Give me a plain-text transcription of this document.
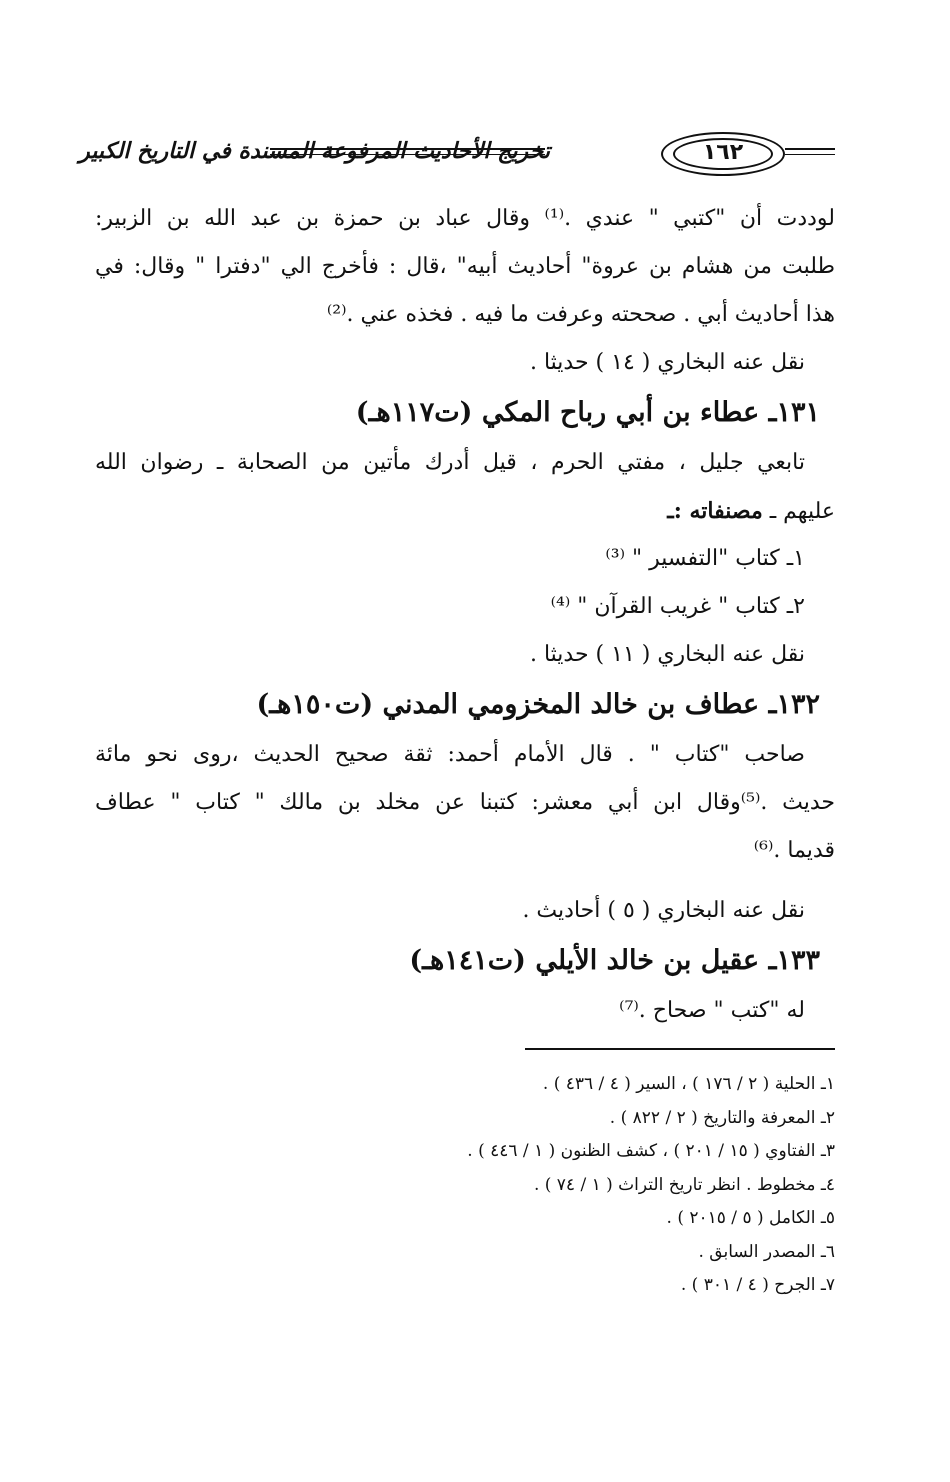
١٦٢
تخريج الأحاديث المرفوعة المسندة في التاريخ الكبير
لوددت أن "كتبي " عندي .⁽¹⁾ وقال عباد بن حمزة بن عبد الله بن الزبير:
طلبت من هشام بن عروة" أحاديث أبيه" ،قال : فأخرج الي "دفترا " وقال: في
هذا أحاديث أبي . صححته وعرفت ما فيه . فخذه عني .⁽²⁾
نقل عنه البخاري ( ١٤ ) حديثا .
١٣١ـ عطاء بن أبي رباح المكي (ت١١٧هـ)
تابعي جليل ، مفتي الحرم ، قيل أدرك مأتين من الصحابة ـ رضوان الله
عليهم ـ مصنفاته :ـ
١ـ كتاب "التفسير " ⁽³⁾
٢ـ كتاب " غريب القرآن " ⁽⁴⁾
نقل عنه البخاري ( ١١ ) حديثا .
١٣٢ـ عطاف بن خالد المخزومي المدني (ت١٥٠هـ)
صاحب "كتاب " . قال الأمام أحمد: ثقة صحيح الحديث ،روى نحو مائة
حديث .⁽⁵⁾وقال ابن أبي معشر: كتبنا عن مخلد بن مالك " كتاب " عطاف
قديما .⁽⁶⁾
نقل عنه البخاري ( ٥ ) أحاديث .
١٣٣ـ عقيل بن خالد الأيلي (ت١٤١هـ)
له "كتب " صحاح .⁽⁷⁾
١ـ الحلية ( ٢ / ١٧٦ ) ، السير ( ٤ / ٤٣٦ ) .
٢ـ المعرفة والتاريخ ( ٢ / ٨٢٢ ) .
٣ـ الفتاوي ( ١٥ / ٢٠١ ) ، كشف الظنون ( ١ / ٤٤٦ ) .
٤ـ مخطوط . انظر تاريخ التراث ( ١ / ٧٤ ) .
٥ـ الكامل ( ٥ / ٢٠١٥ ) .
٦ـ المصدر السابق .
٧ـ الجرح ( ٤ / ٣٠١ ) .
